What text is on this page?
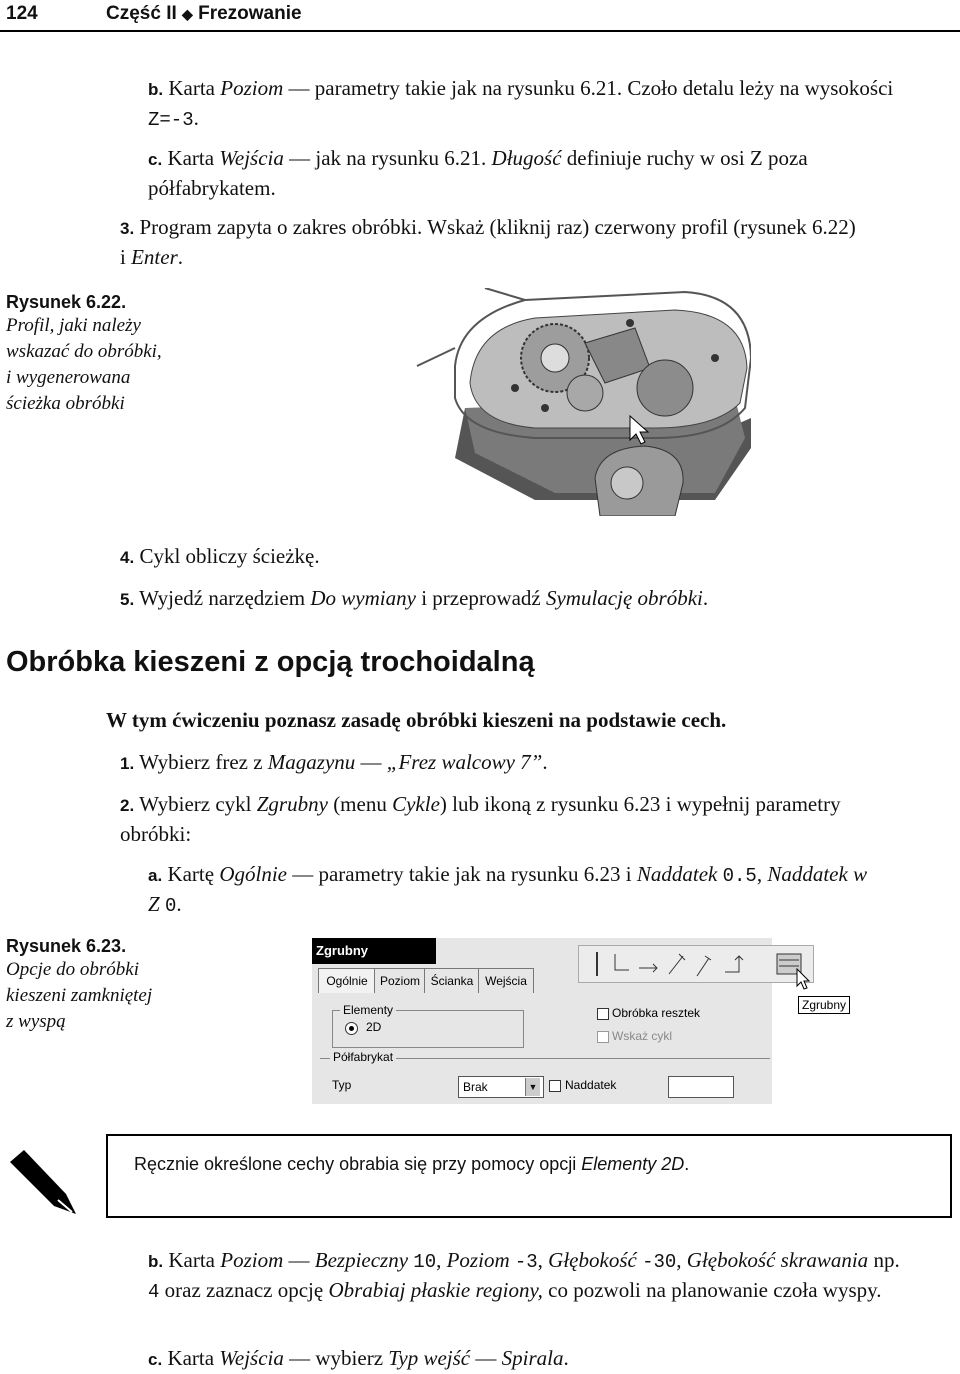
124	Część II ◆ Frezowanie
b. Karta Poziom — parametry takie jak na rysunku 6.21. Czoło detalu leży na wysokości Z=-3.
c. Karta Wejścia — jak na rysunku 6.21. Długość definiuje ruchy w osi Z poza półfabrykatem.
3. Program zapyta o zakres obróbki. Wskaż (kliknij raz) czerwony profil (rysunek 6.22) i Enter.
Rysunek 6.22.
Profil, jaki należy
wskazać do obróbki,
i wygenerowana
ścieżka obróbki
4. Cykl obliczy ścieżkę.
5. Wyjedź narzędziem Do wymiany i przeprowadź Symulację obróbki.
Obróbka kieszeni z opcją trochoidalną
W tym ćwiczeniu poznasz zasadę obróbki kieszeni na podstawie cech.
1. Wybierz frez z Magazynu — „Frez walcowy 7”.
2. Wybierz cykl Zgrubny (menu Cykle) lub ikoną z rysunku 6.23 i wypełnij parametry obróbki:
a. Kartę Ogólnie — parametry takie jak na rysunku 6.23 i Naddatek 0.5, Naddatek w Z 0.
Rysunek 6.23.
Opcje do obróbki
kieszeni zamkniętej
z wyspą
Zgrubny
Ogólnie	Poziom Ścianka Wejścia
Elementy
2D
Półfabrykat
Typ	Brak	▼ Naddatek
Obróbka resztek
Wskaż cykl
Zgrubny
Ręcznie określone cechy obrabia się przy pomocy opcji Elementy 2D.
b. Karta Poziom — Bezpieczny 10, Poziom -3, Głębokość -30, Głębokość skrawania np. 4 oraz zaznacz opcję Obrabiaj płaskie regiony, co pozwoli na planowanie czoła wyspy.
c. Karta Wejścia — wybierz Typ wejść — Spirala.
